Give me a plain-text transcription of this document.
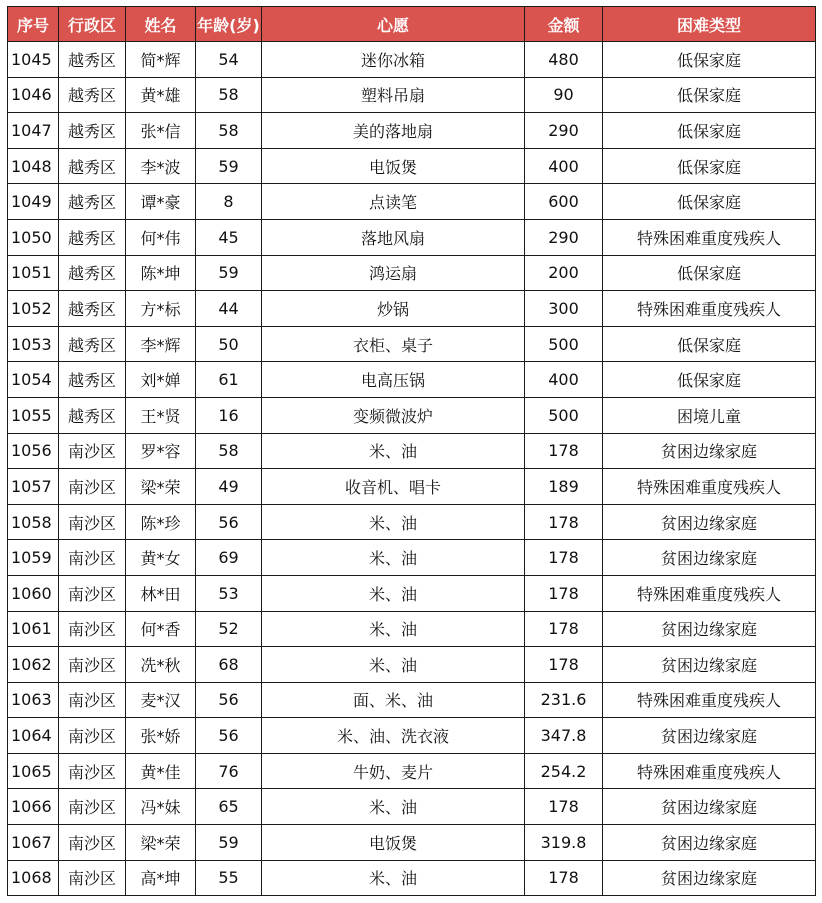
序号	行政区	姓名	年龄(岁)	心愿	金额	困难类型
1045	越秀区	简*辉	54	迷你冰箱	480	低保家庭
1046	越秀区	黄*雄	58	塑料吊扇	90	低保家庭
1047	越秀区	张*信	58	美的落地扇	290	低保家庭
1048	越秀区	李*波	59	电饭煲	400	低保家庭
1049	越秀区	谭*豪	8	点读笔	600	低保家庭
1050	越秀区	何*伟	45	落地风扇	290	特殊困难重度残疾人
1051	越秀区	陈*坤	59	鸿运扇	200	低保家庭
1052	越秀区	方*标	44	炒锅	300	特殊困难重度残疾人
1053	越秀区	李*辉	50	衣柜、桌子	500	低保家庭
1054	越秀区	刘*婵	61	电高压锅	400	低保家庭
1055	越秀区	王*贤	16	变频微波炉	500	困境儿童
1056	南沙区	罗*容	58	米、油	178	贫困边缘家庭
1057	南沙区	梁*荣	49	收音机、唱卡	189	特殊困难重度残疾人
1058	南沙区	陈*珍	56	米、油	178	贫困边缘家庭
1059	南沙区	黄*女	69	米、油	178	贫困边缘家庭
1060	南沙区	林*田	53	米、油	178	特殊困难重度残疾人
1061	南沙区	何*香	52	米、油	178	贫困边缘家庭
1062	南沙区	冼*秋	68	米、油	178	贫困边缘家庭
1063	南沙区	麦*汉	56	面、米、油	231.6	特殊困难重度残疾人
1064	南沙区	张*娇	56	米、油、洗衣液	347.8	贫困边缘家庭
1065	南沙区	黄*佳	76	牛奶、麦片	254.2	特殊困难重度残疾人
1066	南沙区	冯*妹	65	米、油	178	贫困边缘家庭
1067	南沙区	梁*荣	59	电饭煲	319.8	贫困边缘家庭
1068	南沙区	高*坤	55	米、油	178	贫困边缘家庭
